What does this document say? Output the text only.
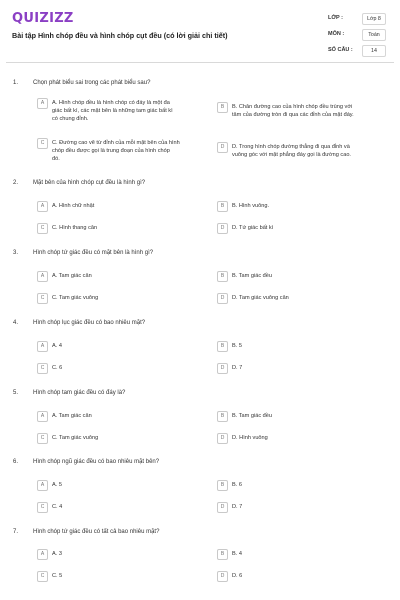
QUIZIZZ
Bài tập Hình chóp đều và hình chóp cụt đều (có lời giải chi tiết)
LỚP :	Lớp 8
MÔN :	Toán
SỐ CÂU :	14
1. Chọn phát biểu sai trong các phát biểu sau?
A	A. Hình chóp đều là hình chóp có đáy là một đa
giác bất kì, các mặt bên là những tam giác bất kì
có chung đỉnh.
B	B. Chân đường cao của hình chóp đều trùng với
tâm của đường tròn đi qua các đỉnh của mặt đáy.
C	C. Đường cao vẽ từ đỉnh của mỗi mặt bên của hình
chóp đều được gọi là trung đoạn của hình chóp
đó.
D	D. Trong hình chóp đường thẳng đi qua đỉnh và
vuông góc với mặt phẳng đáy gọi là đường cao.
2. Mặt bên của hình chóp cụt đều là hình gì?
A	A. Hình chữ nhật	B	B. Hình vuông.
C	C. Hình thang cân	D	D. Tứ giác bất kì
3. Hình chóp tứ giác đều có mặt bên là hình gì?
A	A. Tam giác cân	B	B. Tam giác đều
C	C. Tam giác vuông	D	D. Tam giác vuông cân
4. Hình chóp lục giác đều có bao nhiêu mặt?
A	A. 4	B	B. 5
C	C. 6	D	D. 7
5. Hình chóp tam giác đều có đáy là?
A	A. Tam giác cân	B	B. Tam giác đều
C	C. Tam giác vuông	D	D. Hình vuông
6. Hình chóp ngũ giác đều có bao nhiêu mặt bên?
A	A. 5	B	B. 6
C	C. 4	D	D. 7
7. Hình chóp tứ giác đều có tất cả bao nhiêu mặt?
A	A. 3	B	B. 4
C	C. 5	D	D. 6
